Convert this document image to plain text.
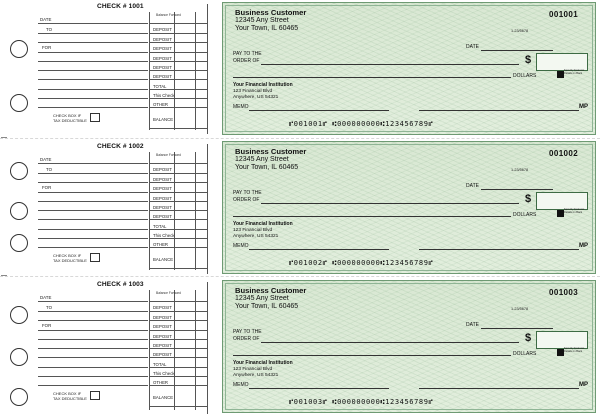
CHECK # 1001
DATE
TO
FOR
Balance Forward
DEPOSIT
DEPOSIT
DEPOSIT
DEPOSIT
DEPOSIT
DEPOSIT
TOTAL
This Check
OTHER
BALANCE
CHECK BOX IF
TAX DEDUCTIBLE
Business Customer
12345 Any Street
Your Town, IL 60465
001001
1-23/5678
DATE
PAY TO THE
ORDER OF	$
DOLLARS
Security Features Details on Back
Your Financial Institution
123 Financial Blvd
Anywhere, US 54321
MEMO	MP
⑈001001⑈ ⑆000000000⑆123456789⑈
CHECK # 1002
DATE
TO
FOR
Balance Forward
DEPOSIT
DEPOSIT
DEPOSIT
DEPOSIT
DEPOSIT
DEPOSIT
TOTAL
This Check
OTHER
BALANCE
CHECK BOX IF
TAX DEDUCTIBLE
Business Customer
12345 Any Street
Your Town, IL 60465
001002
1-23/5678
DATE
PAY TO THE
ORDER OF	$
DOLLARS
Security Features Details on Back
Your Financial Institution
123 Financial Blvd
Anywhere, US 54321
MEMO	MP
⑈001002⑈ ⑆000000000⑆123456789⑈
CHECK # 1003
DATE
TO
FOR
Balance Forward
DEPOSIT
DEPOSIT
DEPOSIT
DEPOSIT
DEPOSIT
DEPOSIT
TOTAL
This Check
OTHER
BALANCE
CHECK BOX IF
TAX DEDUCTIBLE
Business Customer
12345 Any Street
Your Town, IL 60465
001003
1-23/5678
DATE
PAY TO THE
ORDER OF	$
DOLLARS
Security Features Details on Back
Your Financial Institution
123 Financial Blvd
Anywhere, US 54321
MEMO	MP
⑈001003⑈ ⑆000000000⑆123456789⑈
